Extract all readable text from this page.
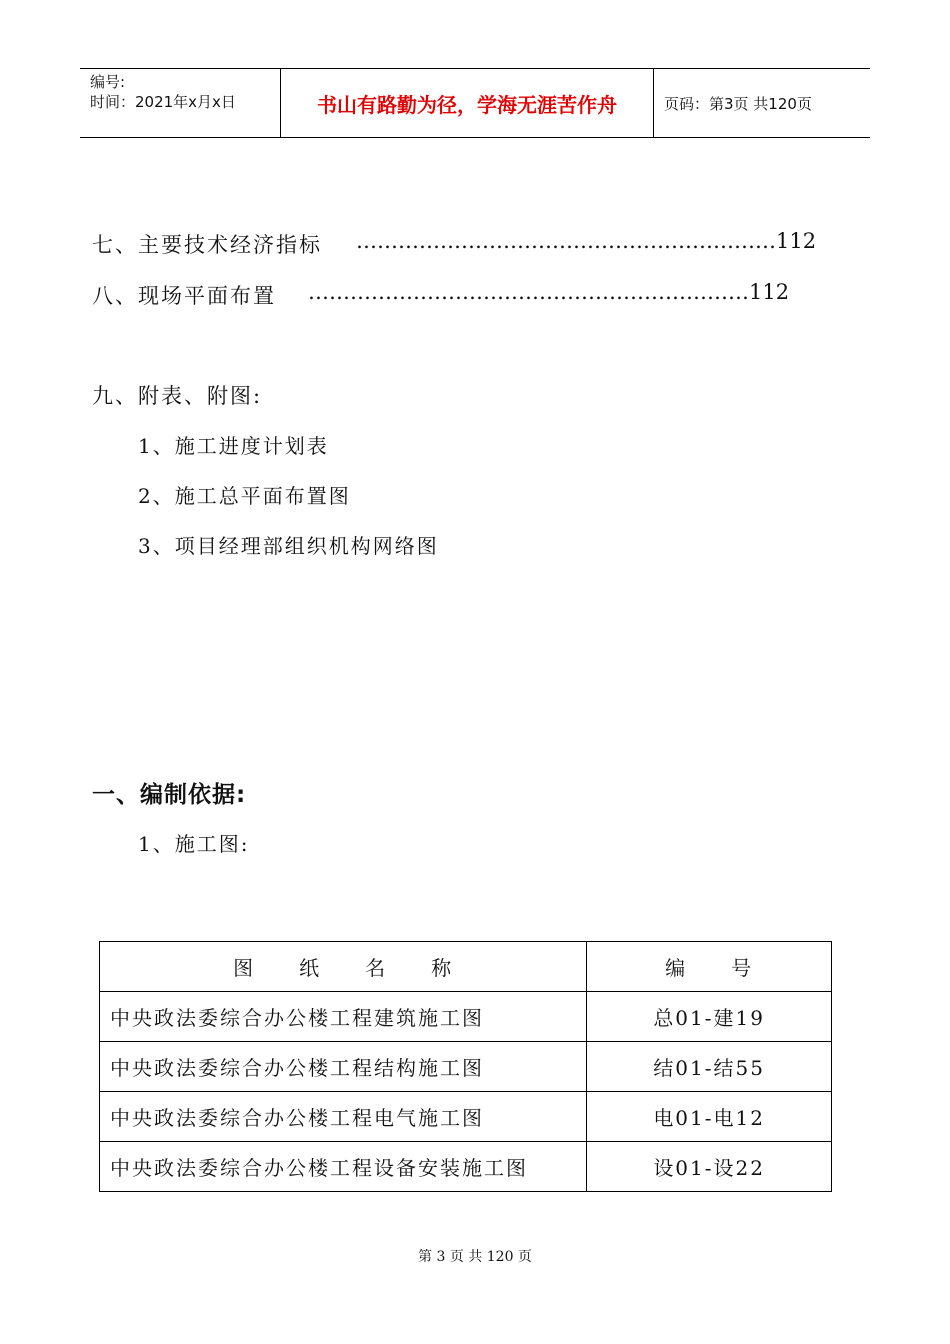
编号:
时间：2021年x月x日	书山有路勤为径，学海无涯苦作舟	页码：第3页 共120页
七、主要技术经济指标 ……………………………………………………112
八、现场平面布置 ………………………………………………………112
九、附表、附图:
1、施工进度计划表
2、施工总平面布置图
3、项目经理部组织机构网络图
一、编制依据:
1、施工图:
图　　纸　　名　　称	编　　号
中央政法委综合办公楼工程建筑施工图	总01-建19
中央政法委综合办公楼工程结构施工图	结01-结55
中央政法委综合办公楼工程电气施工图	电01-电12
中央政法委综合办公楼工程设备安装施工图	设01-设22
第 3 页 共 120 页
